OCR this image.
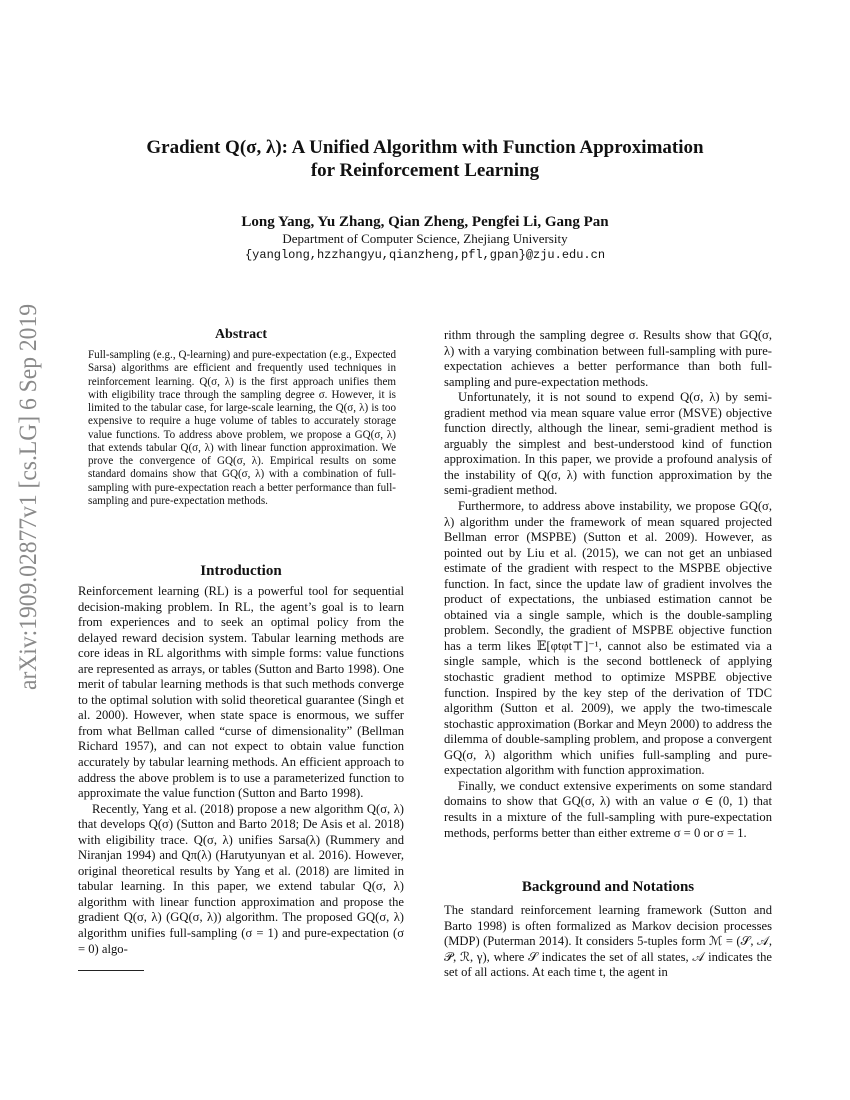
Gradient Q(σ, λ): A Unified Algorithm with Function Approximation
for Reinforcement Learning
Long Yang, Yu Zhang, Qian Zheng, Pengfei Li, Gang Pan
Department of Computer Science, Zhejiang University
{yanglong,hzzhangyu,qianzheng,pfl,gpan}@zju.edu.cn
arXiv:1909.02877v1 [cs.LG] 6 Sep 2019	Abstract
Full-sampling (e.g., Q-learning) and pure-expectation (e.g., Expected Sarsa) algorithms are efficient and frequently used techniques in reinforcement learning. Q(σ, λ) is the first approach unifies them with eligibility trace through the sampling degree σ. However, it is limited to the tabular case, for large-scale learning, the Q(σ, λ) is too expensive to require a huge volume of tables to accurately storage value functions. To address above problem, we propose a GQ(σ, λ) that extends tabular Q(σ, λ) with linear function approximation. We prove the convergence of GQ(σ, λ). Empirical results on some standard domains show that GQ(σ, λ) with a combination of full-sampling with pure-expectation reach a better performance than full-sampling and pure-expectation methods.
Introduction

Reinforcement learning (RL) is a powerful tool for sequential decision-making problem. In RL, the agent’s goal is to learn from experiences and to seek an optimal policy from the delayed reward decision system. Tabular learning methods are core ideas in RL algorithms with simple forms: value functions are represented as arrays, or tables (Sutton and Barto 1998). One merit of tabular learning methods is that such methods converge to the optimal solution with solid theoretical guarantee (Singh et al. 2000). However, when state space is enormous, we suffer from what Bellman called “curse of dimensionality” (Bellman Richard 1957), and can not expect to obtain value function accurately by tabular learning methods. An efficient approach to address the above problem is to use a parameterized function to approximate the value function (Sutton and Barto 1998).

Recently, Yang et al. (2018) propose a new algorithm Q(σ, λ) that develops Q(σ) (Sutton and Barto 2018; De Asis et al. 2018) with eligibility trace. Q(σ, λ) unifies Sarsa(λ) (Rummery and Niranjan 1994) and Qπ(λ) (Harutyunyan et al. 2016). However, original theoretical results by Yang et al. (2018) are limited in tabular learning. In this paper, we extend tabular Q(σ, λ) algorithm with linear function approximation and propose the gradient Q(σ, λ) (GQ(σ, λ)) algorithm. The proposed GQ(σ, λ) algorithm unifies full-sampling (σ = 1) and pure-expectation (σ = 0) algo-

rithm through the sampling degree σ. Results show that GQ(σ, λ) with a varying combination between full-sampling with pure-expectation achieves a better performance than both full-sampling and pure-expectation methods.

Unfortunately, it is not sound to expend Q(σ, λ) by semi-gradient method via mean square value error (MSVE) objective function directly, although the linear, semi-gradient method is arguably the simplest and best-understood kind of function approximation. In this paper, we provide a profound analysis of the instability of Q(σ, λ) with function approximation by the semi-gradient method.

Furthermore, to address above instability, we propose GQ(σ, λ) algorithm under the framework of mean squared projected Bellman error (MSPBE) (Sutton et al. 2009). However, as pointed out by Liu et al. (2015), we can not get an unbiased estimate of the gradient with respect to the MSPBE objective function. In fact, since the update law of gradient involves the product of expectations, the unbiased estimation cannot be obtained via a single sample, which is the double-sampling problem. Secondly, the gradient of MSPBE objective function has a term likes 𝔼[φtφt⊤]⁻¹, cannot also be estimated via a single sample, which is the second bottleneck of applying stochastic gradient method to optimize MSPBE objective function. Inspired by the key step of the derivation of TDC algorithm (Sutton et al. 2009), we apply the two-timescale stochastic approximation (Borkar and Meyn 2000) to address the dilemma of double-sampling problem, and propose a convergent GQ(σ, λ) algorithm which unifies full-sampling and pure-expectation algorithm with function approximation.

Finally, we conduct extensive experiments on some standard domains to show that GQ(σ, λ) with an value σ ∈ (0, 1) that results in a mixture of the full-sampling with pure-expectation methods, performs better than either extreme σ = 0 or σ = 1.

Background and Notations

The standard reinforcement learning framework (Sutton and Barto 1998) is often formalized as Markov decision processes (MDP) (Puterman 2014). It considers 5-tuples form ℳ = (𝒮, 𝒜, 𝒫, ℛ, γ), where 𝒮 indicates the set of all states, 𝒜 indicates the set of all actions. At each time t, the agent in
